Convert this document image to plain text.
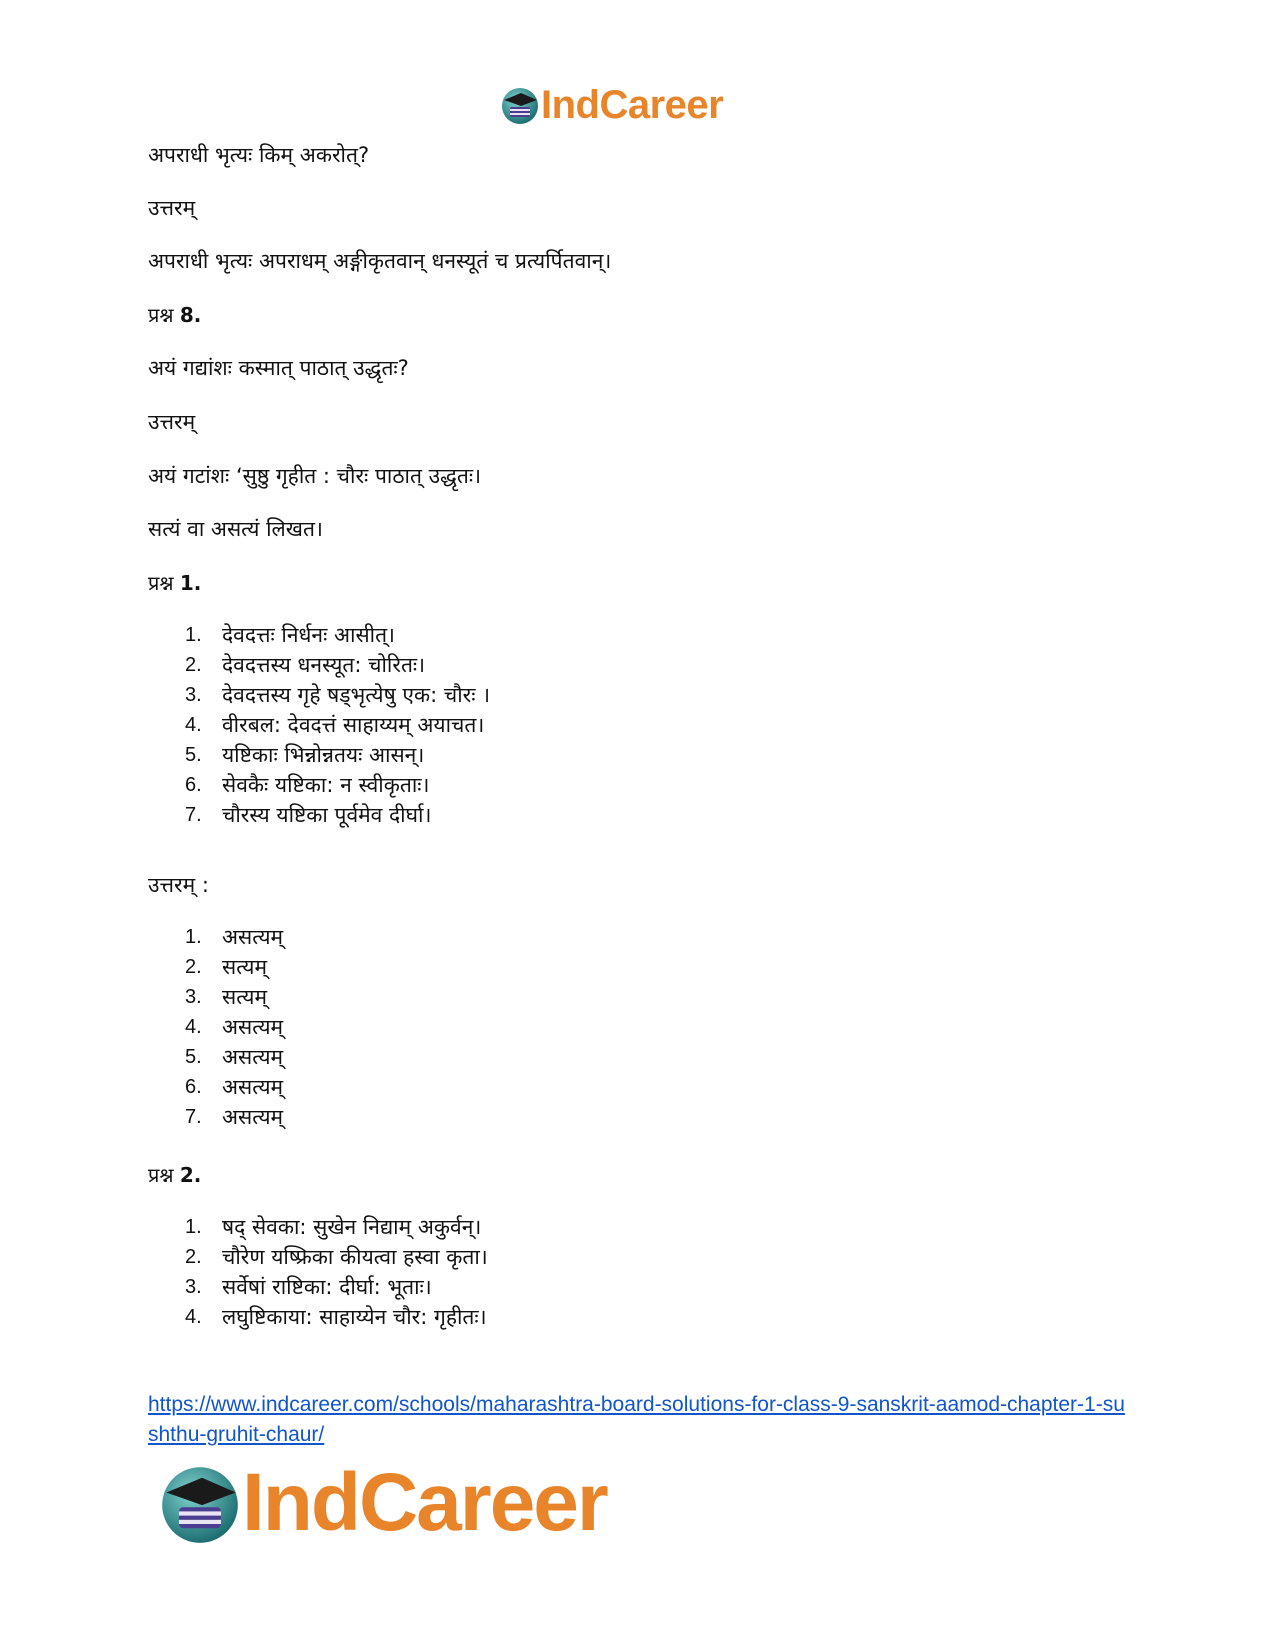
IndCareer
अपराधी भृत्यः किम् अकरोत्?
उत्तरम्
अपराधी भृत्यः अपराधम् अङ्गीकृतवान् धनस्यूतं च प्रत्यर्पितवान्।
प्रश्न 8.
अयं गद्यांशः कस्मात् पाठात् उद्धृतः?
उत्तरम्
अयं गटांशः ‘सुष्ठु गृहीत : चौरः पाठात् उद्धृतः।
सत्यं वा असत्यं लिखत।
प्रश्न 1.
1. देवदत्तः निर्धनः आसीत्।
2. देवदत्तस्य धनस्यूत: चोरितः।
3. देवदत्तस्य गृहे षड्भृत्येषु एक: चौरः ।
4. वीरबल: देवदत्तं साहाय्यम् अयाचत।
5. यष्टिकाः भिन्नोन्नतयः आसन्।
6. सेवकैः यष्टिका: न स्वीकृताः।
7. चौरस्य यष्टिका पूर्वमेव दीर्घा।
उत्तरम् :
1. असत्यम्
2. सत्यम्
3. सत्यम्
4. असत्यम्
5. असत्यम्
6. असत्यम्
7. असत्यम्
प्रश्न 2.
1. षद् सेवका: सुखेन निद्याम् अकुर्वन्।
2. चौरेण यष्फ्रिका कीयत्वा हस्वा कृता।
3. सर्वेषां राष्टिका: दीर्घा: भूताः।
4. लघुष्टिकाया: साहाय्येन चौर: गृहीतः।
https://www.indcareer.com/schools/maharashtra-board-solutions-for-class-9-sanskrit-aamod-chapter-1-sushthu-gruhit-chaur/
IndCareer
